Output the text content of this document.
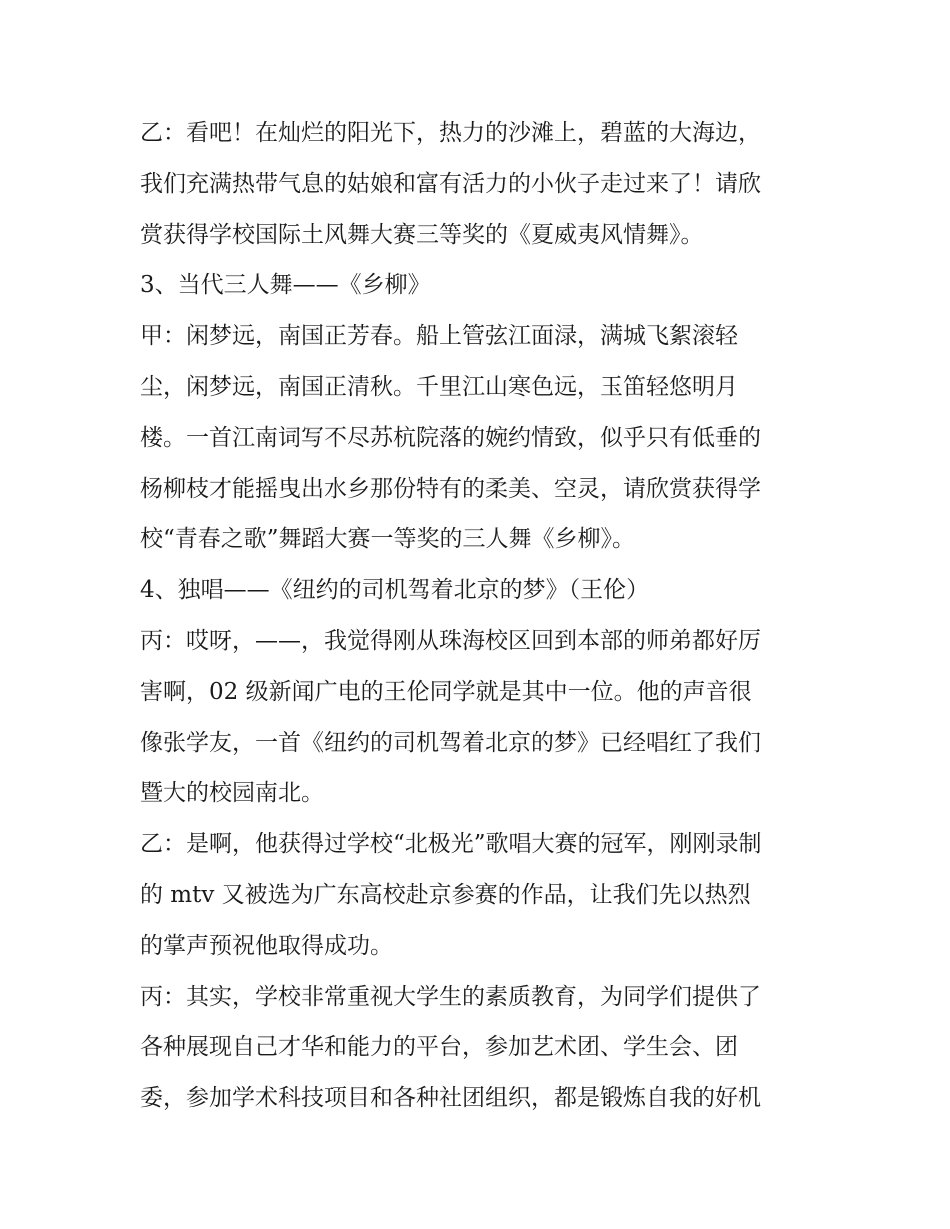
乙：看吧！在灿烂的阳光下，热力的沙滩上，碧蓝的大海边，
我们充满热带气息的姑娘和富有活力的小伙子走过来了！请欣
赏获得学校国际土风舞大赛三等奖的《夏威夷风情舞》。
3、当代三人舞——《乡柳》
甲：闲梦远，南国正芳春。船上管弦江面渌，满城飞絮滚轻
尘，闲梦远，南国正清秋。千里江山寒色远，玉笛轻悠明月
楼。一首江南词写不尽苏杭院落的婉约情致，似乎只有低垂的
杨柳枝才能摇曳出水乡那份特有的柔美、空灵，请欣赏获得学
校“青春之歌”舞蹈大赛一等奖的三人舞《乡柳》。
4、独唱——《纽约的司机驾着北京的梦》（王伦）
丙：哎呀，——，我觉得刚从珠海校区回到本部的师弟都好厉
害啊，02 级新闻广电的王伦同学就是其中一位。他的声音很
像张学友，一首《纽约的司机驾着北京的梦》已经唱红了我们
暨大的校园南北。
乙：是啊，他获得过学校“北极光”歌唱大赛的冠军，刚刚录制
的 mtv 又被选为广东高校赴京参赛的作品，让我们先以热烈
的掌声预祝他取得成功。
丙：其实，学校非常重视大学生的素质教育，为同学们提供了
各种展现自己才华和能力的平台，参加艺术团、学生会、团
委，参加学术科技项目和各种社团组织，都是锻炼自我的好机
